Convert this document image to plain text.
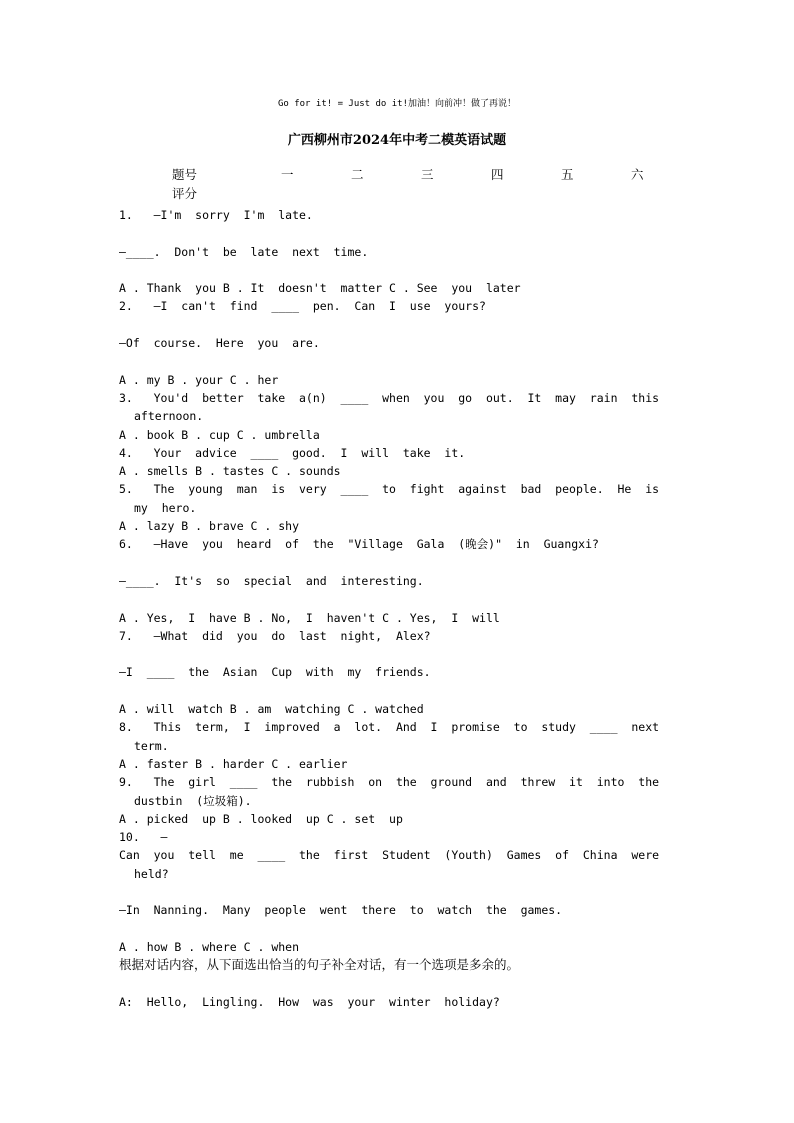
Go for it! = Just do it!加油！向前冲！做了再说！
广西柳州市2024年中考二模英语试题
题号	一	二	三	四	五	六
评分
1.   —I'm  sorry  I'm  late.
—____.  Don't  be  late  next  time.
A . Thank  you B . It  doesn't  matter C . See  you  later
2.   —I  can't  find  ____  pen.  Can  I  use  yours?
—Of  course.  Here  you  are.
A . my B . your C . her
3.   You'd  better  take  a(n)  ____  when  you  go  out.  It  may  rain  this
afternoon.
A . book B . cup C . umbrella
4.   Your  advice  ____  good.  I  will  take  it.
A . smells B . tastes C . sounds
5.   The  young  man  is  very  ____  to  fight  against  bad  people.  He  is
my  hero.
A . lazy B . brave C . shy
6.   —Have  you  heard  of  the  "Village  Gala  (晚会)"  in  Guangxi?
—____.  It's  so  special  and  interesting.
A . Yes,  I  have B . No,  I  haven't C . Yes,  I  will
7.   —What  did  you  do  last  night,  Alex?
—I  ____  the  Asian  Cup  with  my  friends.
A . will  watch B . am  watching C . watched
8.   This  term,  I  improved  a  lot.  And  I  promise  to  study  ____  next
term.
A . faster B . harder C . earlier
9.   The  girl  ____  the  rubbish  on  the  ground  and  threw  it  into  the
dustbin  (垃圾箱).
A . picked  up B . looked  up C . set  up
10.   —
Can  you  tell  me  ____  the  first  Student  (Youth)  Games  of  China  were
held?
—In  Nanning.  Many  people  went  there  to  watch  the  games.
A . how B . where C . when
根据对话内容，从下面选出恰当的句子补全对话，有一个选项是多余的。
A:  Hello,  Lingling.  How  was  your  winter  holiday?
